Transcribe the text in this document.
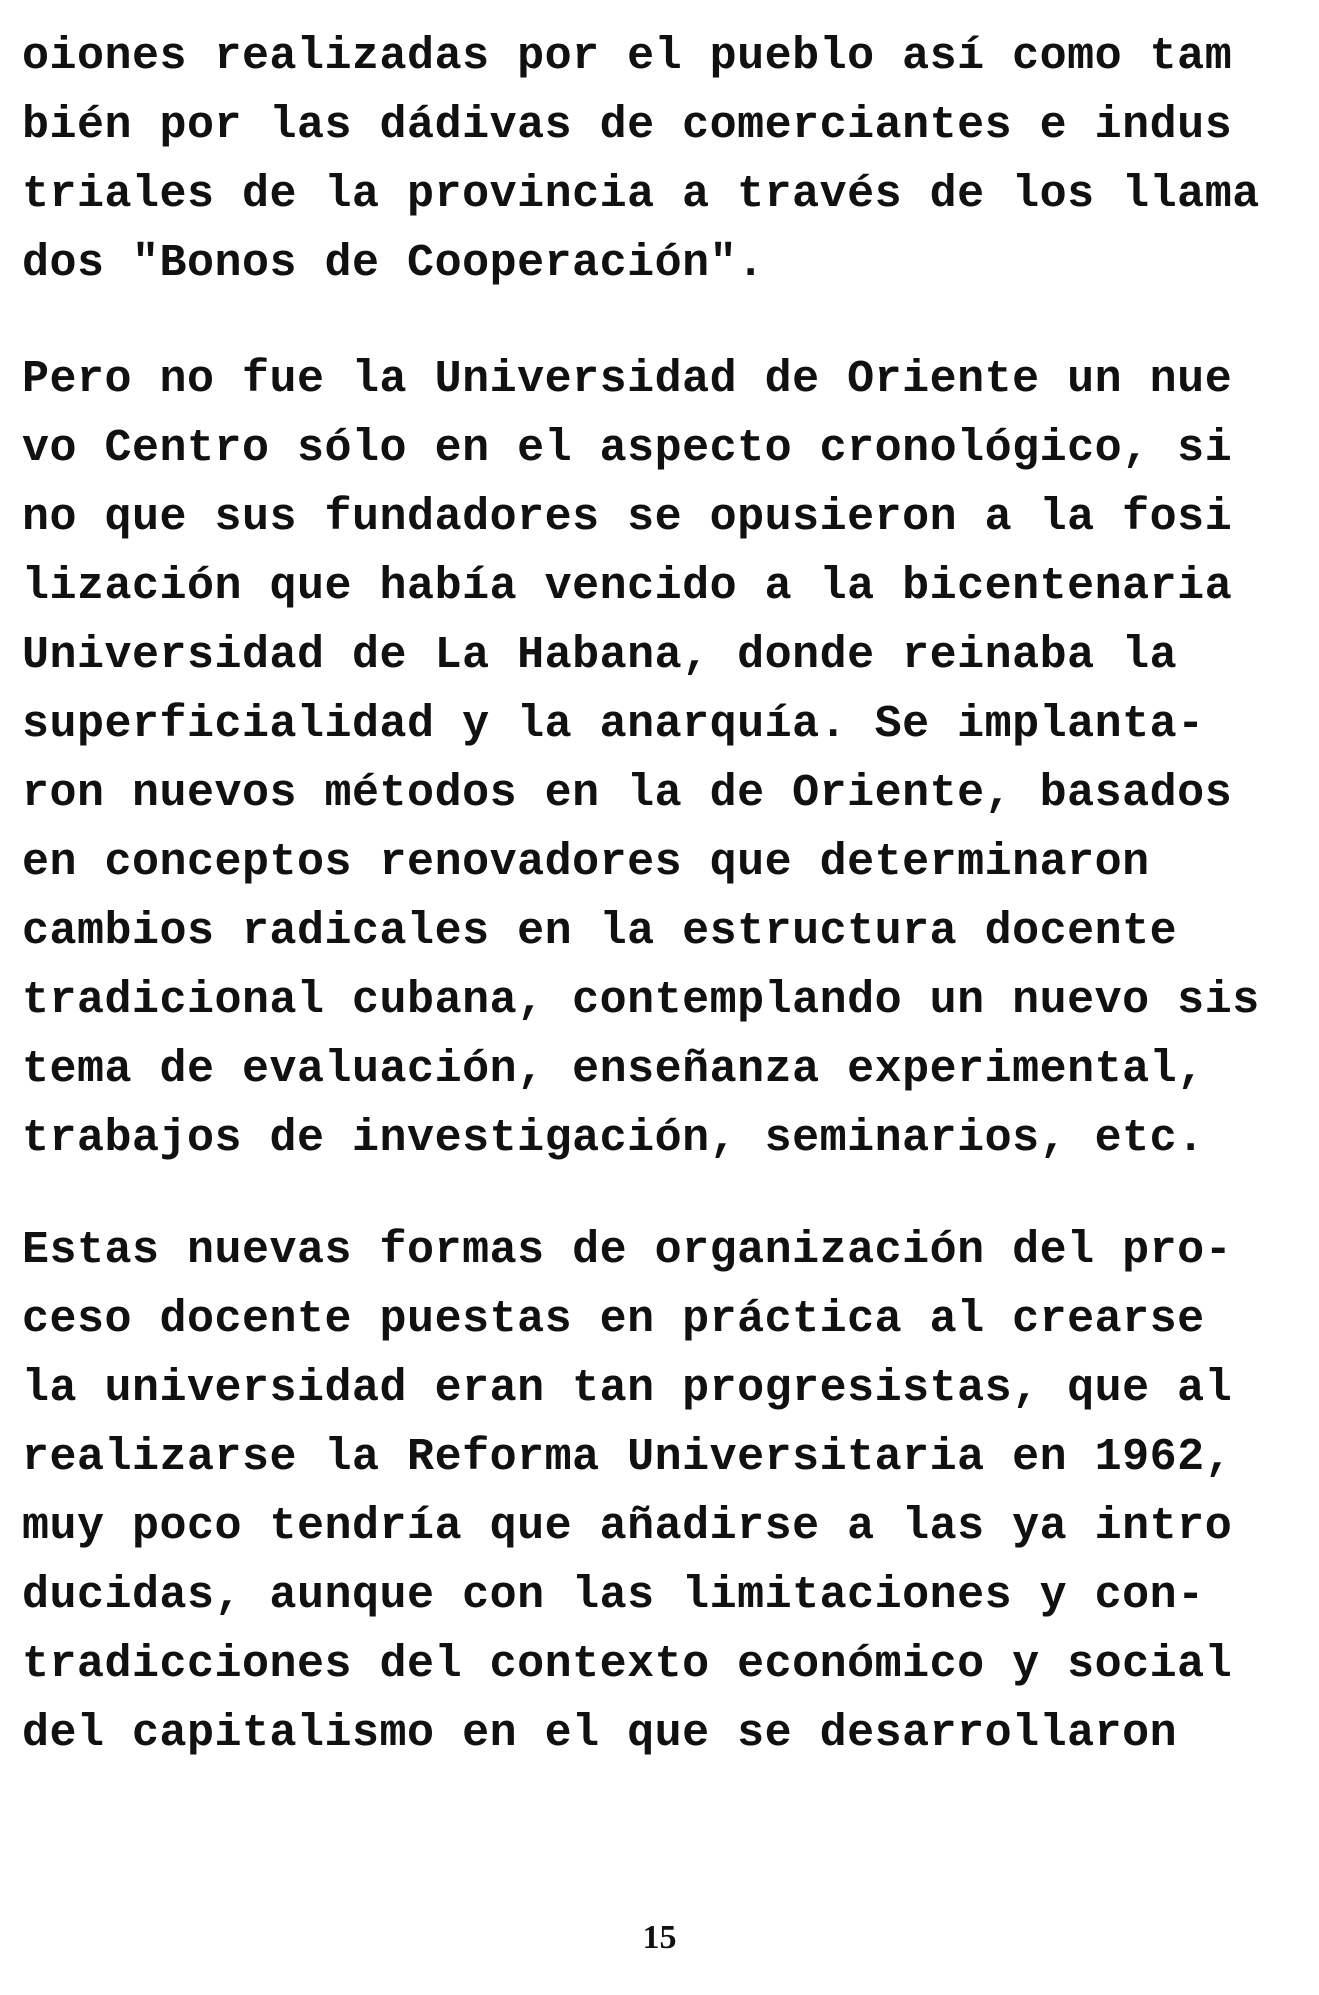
oiones realizadas por el pueblo así como tam
bién por las dádivas de comerciantes e indus
triales de la provincia a través de los llama
dos "Bonos de Cooperación".
Pero no fue la Universidad de Oriente un nue
vo Centro sólo en el aspecto cronológico, si
no que sus fundadores se opusieron a la fosi
lización que había vencido a la bicentenaria
Universidad de La Habana, donde reinaba la
superficialidad y la anarquía. Se implanta-
ron nuevos métodos en la de Oriente, basados
en conceptos renovadores que determinaron
cambios radicales en la estructura docente
tradicional cubana, contemplando un nuevo sis
tema de evaluación, enseñanza experimental,
trabajos de investigación, seminarios, etc.
Estas nuevas formas de organización del pro-
ceso docente puestas en práctica al crearse
la universidad eran tan progresistas, que al
realizarse la Reforma Universitaria en 1962,
muy poco tendría que añadirse a las ya intro
ducidas, aunque con las limitaciones y con-
tradicciones del contexto económico y social
del capitalismo en el que se desarrollaron
15
